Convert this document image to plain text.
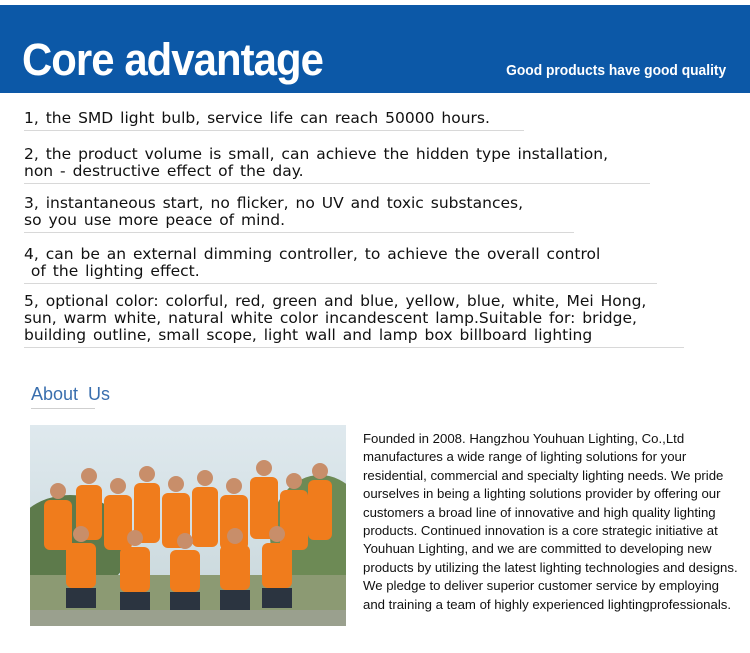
Core advantage	Good products have good quality
1, the SMD light bulb, service life can reach 50000 hours.
2, the product volume is small, can achieve the hidden type installation,
non - destructive effect of the day.
3, instantaneous start, no flicker, no UV and toxic substances,
so you use more peace of mind.
4, can be an external dimming controller, to achieve the overall control
of the lighting effect.
5, optional color: colorful, red, green and blue, yellow, blue, white, Mei Hong,
sun, warm white, natural white color incandescent lamp.Suitable for: bridge,
building outline, small scope, light wall and lamp box billboard lighting
About  Us
Founded in 2008. Hangzhou Youhuan Lighting, Co.,Ltd manufactures a wide range of lighting solutions for your residential, commercial and specialty lighting needs. We pride ourselves in being a lighting solutions provider by offering our customers a broad line of innovative and high quality lighting products. Continued innovation is a core strategic initiative at Youhuan Lighting, and we are committed to developing new products by utilizing the latest lighting technologies and designs. We pledge to deliver superior customer service by employing and training a team of highly experienced lightingprofessionals.
